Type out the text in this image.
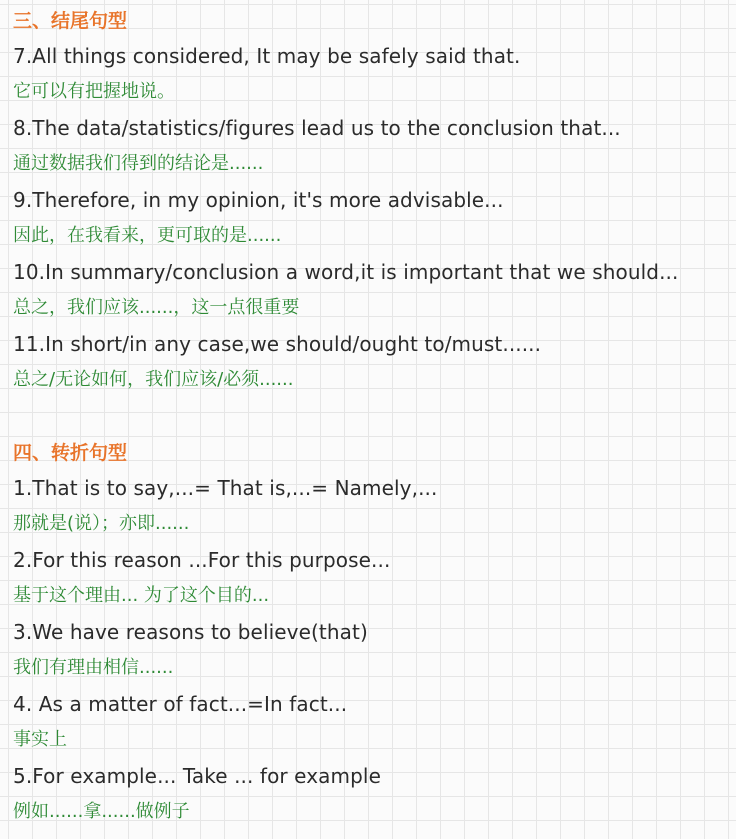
三、结尾句型
7.All things considered, It may be safely said that.
它可以有把握地说。
8.The data/statistics/figures lead us to the conclusion that...
通过数据我们得到的结论是......
9.Therefore, in my opinion, it's more advisable...
因此，在我看来，更可取的是......
10.In summary/conclusion a word,it is important that we should...
总之，我们应该......，这一点很重要
11.In short/in any case,we should/ought to/must......
总之/无论如何，我们应该/必须......
四、转折句型
1.That is to say,...= That is,...= Namely,...
那就是(说）；亦即......
2.For this reason ...For this purpose...
基于这个理由... 为了这个目的...
3.We have reasons to believe(that)
我们有理由相信......
4. As a matter of fact...=In fact...
事实上
5.For example... Take ... for example
例如......拿......做例子
